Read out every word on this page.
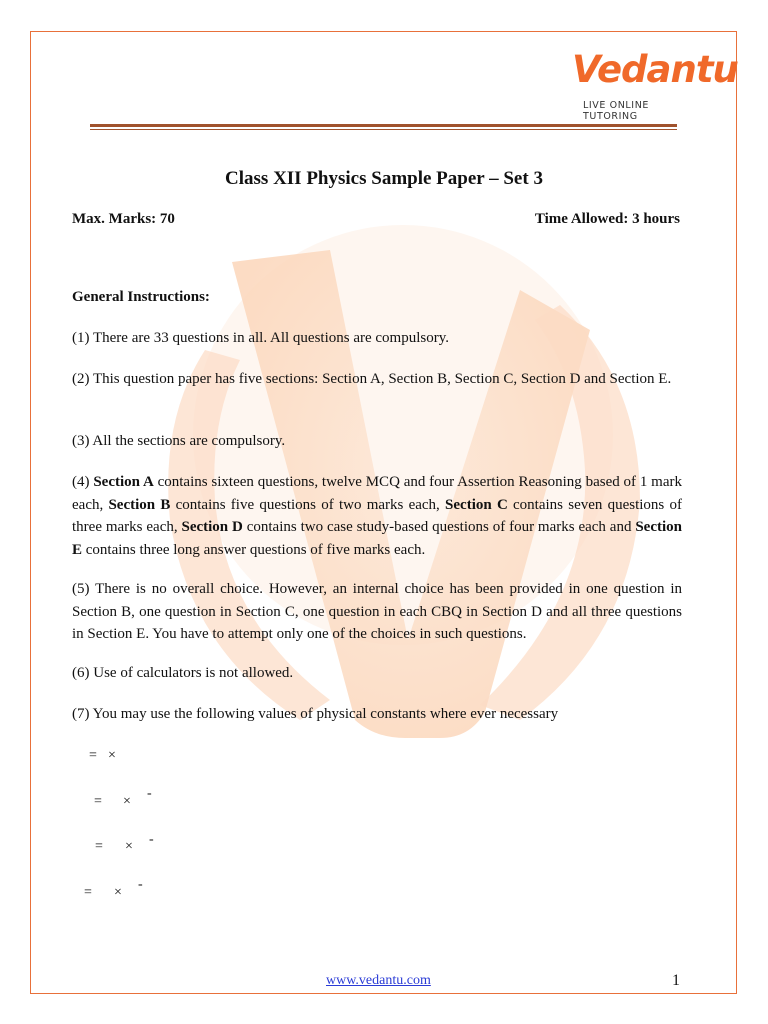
Vedantu
LIVE ONLINE TUTORING
Class XII Physics Sample Paper – Set 3
Max. Marks: 70	Time Allowed: 3 hours
General Instructions:
(1) There are 33 questions in all. All questions are compulsory.
(2) This question paper has five sections: Section A, Section B, Section C, Section D and Section E.
(3) All the sections are compulsory.
(4) Section A contains sixteen questions, twelve MCQ and four Assertion Reasoning based of 1 mark each, Section B contains five questions of two marks each, Section C contains seven questions of three marks each, Section D contains two case study-based questions of four marks each and Section E contains three long answer questions of five marks each.
(5) There is no overall choice. However, an internal choice has been provided in one question in Section B, one question in Section C, one question in each CBQ in Section D and all three questions in Section E. You have to attempt only one of the choices in such questions.
(6) Use of calculators is not allowed.
(7) You may use the following values of physical constants where ever necessary
= ×
= ×
-
= × -
= ×
-
www.vedantu.com	1
